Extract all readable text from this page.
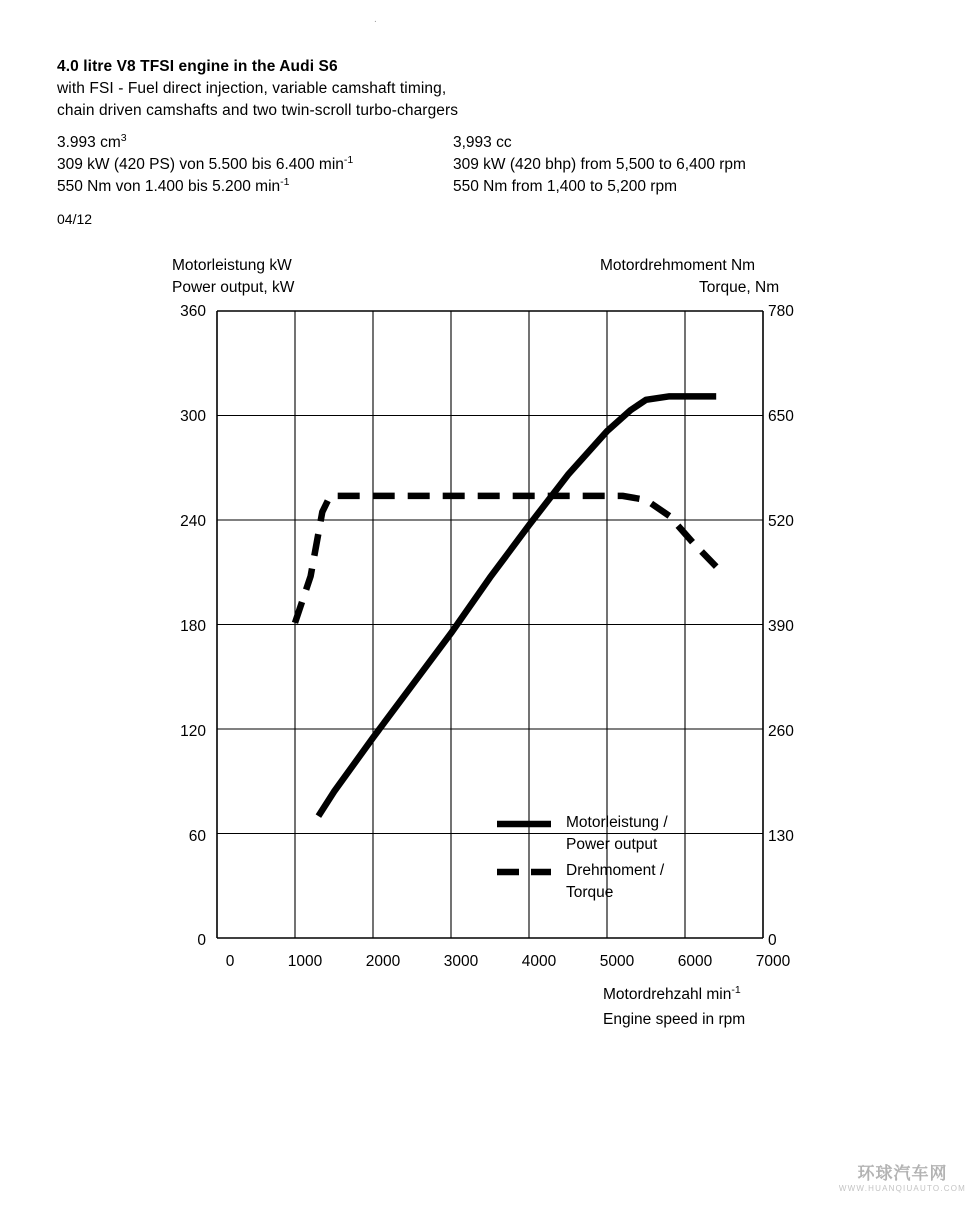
.
4.0 litre V8 TFSI engine in the Audi S6
with FSI - Fuel direct injection, variable camshaft timing,
chain driven camshafts and two twin-scroll turbo-chargers
3.993 $cm^3$	3,993 cc
309 kW (420 PS) von 5.500 bis 6.400 $\min^{-1}$	309 kW (420 bhp) from 5,500 to 6,400 rpm
550 Nm von 1.400 bis 5.200 $\min^{-1}$	550 Nm from 1,400 to 5,200 rpm
04/12
Motorleistung kW
Power output, kW
Motordrehmoment Nm
Torque, Nm
Motordrehzahl $\min^{-1}$
Engine speed in rpm
Motorleistung /
Power output
Drehmoment /
Torque
360
300
240
180
120
60
0
780
650
520
390
260
130
0
0	1000	2000	3000	4000	5000	6000	7000
环球汽车网
WWW.HUANQIUAUTO.COM
